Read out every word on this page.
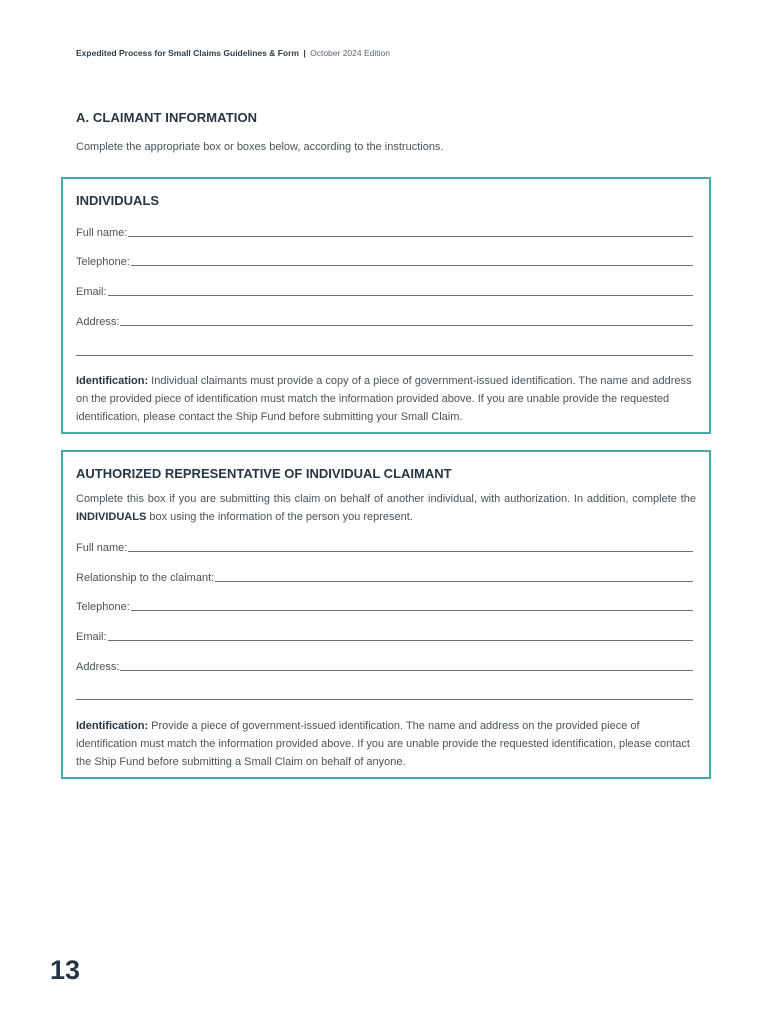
Expedited Process for Small Claims Guidelines & Form | October 2024 Edition
A. CLAIMANT INFORMATION
Complete the appropriate box or boxes below, according to the instructions.
INDIVIDUALS
Full name:
Telephone:
Email:
Address:
Identification: Individual claimants must provide a copy of a piece of government-issued identification. The name and address on the provided piece of identification must match the information provided above. If you are unable provide the requested identification, please contact the Ship Fund before submitting your Small Claim.
AUTHORIZED REPRESENTATIVE OF INDIVIDUAL CLAIMANT
Complete this box if you are submitting this claim on behalf of another individual, with authorization. In addition, complete the INDIVIDUALS box using the information of the person you represent.
Full name:
Relationship to the claimant:
Telephone:
Email:
Address:
Identification: Provide a piece of government-issued identification. The name and address on the provided piece of identification must match the information provided above. If you are unable provide the requested identification, please contact the Ship Fund before submitting a Small Claim on behalf of anyone.
13
